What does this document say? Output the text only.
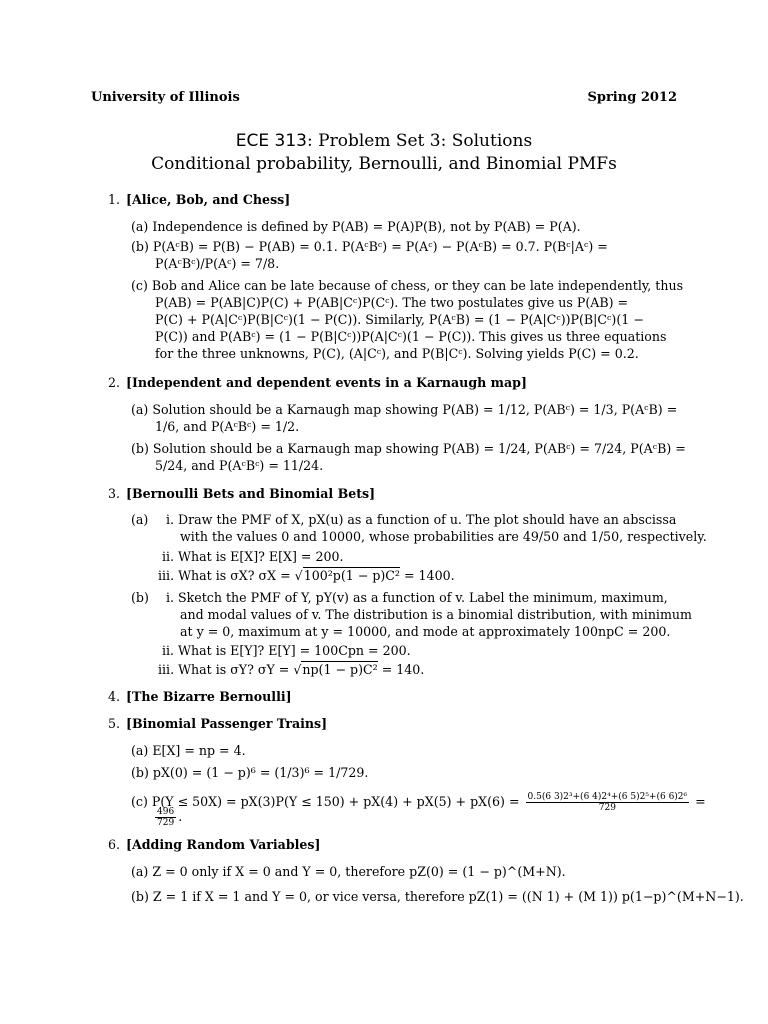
University of Illinois	Spring 2012
ECE 313: Problem Set 3: Solutions
Conditional probability, Bernoulli, and Binomial PMFs
1. [Alice, Bob, and Chess]
(a) Independence is defined by P(AB) = P(A)P(B), not by P(AB) = P(A).
(b) P(AᶜB) = P(B) − P(AB) = 0.1. P(AᶜBᶜ) = P(Aᶜ) − P(AᶜB) = 0.7. P(Bᶜ|Aᶜ) =
P(AᶜBᶜ)/P(Aᶜ) = 7/8.
(c) Bob and Alice can be late because of chess, or they can be late independently, thus
P(AB) = P(AB|C)P(C) + P(AB|Cᶜ)P(Cᶜ). The two postulates give us P(AB) =
P(C) + P(A|Cᶜ)P(B|Cᶜ)(1 − P(C)). Similarly, P(AᶜB) = (1 − P(A|Cᶜ))P(B|Cᶜ)(1 −
P(C)) and P(ABᶜ) = (1 − P(B|Cᶜ))P(A|Cᶜ)(1 − P(C)). This gives us three equations
for the three unknowns, P(C), (A|Cᶜ), and P(B|Cᶜ). Solving yields P(C) = 0.2.
2. [Independent and dependent events in a Karnaugh map]
(a) Solution should be a Karnaugh map showing P(AB) = 1/12, P(ABᶜ) = 1/3, P(AᶜB) =
1/6, and P(AᶜBᶜ) = 1/2.
(b) Solution should be a Karnaugh map showing P(AB) = 1/24, P(ABᶜ) = 7/24, P(AᶜB) =
5/24, and P(AᶜBᶜ) = 11/24.
3. [Bernoulli Bets and Binomial Bets]
(a) i. Draw the PMF of X, pX(u) as a function of u. The plot should have an abscissa
with the values 0 and 10000, whose probabilities are 49/50 and 1/50, respectively.
ii. What is E[X]? E[X] = 200.
iii. What is σX? σX = √100²p(1 − p)C² = 1400.
(b) i. Sketch the PMF of Y, pY(v) as a function of v. Label the minimum, maximum,
and modal values of v. The distribution is a binomial distribution, with minimum
at y = 0, maximum at y = 10000, and mode at approximately 100npC = 200.
ii. What is E[Y]? E[Y] = 100Cpn = 200.
iii. What is σY? σY = √np(1 − p)C² = 140.
4. [The Bizarre Bernoulli]
5. [Binomial Passenger Trains]
(a) E[X] = np = 4.
(b) pX(0) = (1 − p)⁶ = (1/3)⁶ = 1/729.
(c) $P(Y \le 50X) = pX(3)P(Y \le 150) + pX(4) + pX(5) + pX(6) = \frac{\text{0.5(6 3)2³+(6 4)2⁴+(6 5)2⁵+(6 6)2⁶}}{729}$ =
$\frac{496}{729}$ .
6. [Adding Random Variables]
(a) Z = 0 only if X = 0 and Y = 0, therefore pZ(0) = (1 − p)^(M+N).
(b) Z = 1 if X = 1 and Y = 0, or vice versa, therefore pZ(1) = ((N 1) + (M 1)) p(1−p)^(M+N−1).
